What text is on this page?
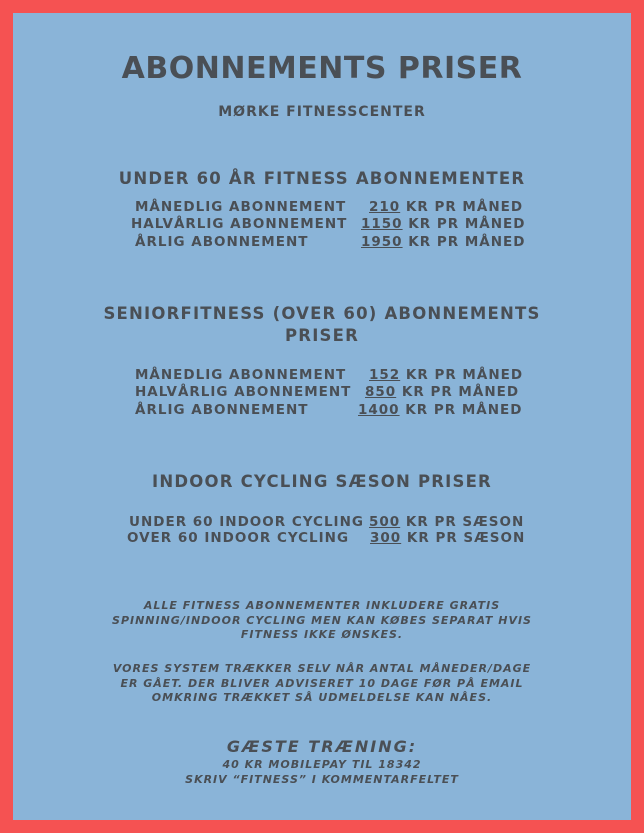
ABONNEMENTS PRISER
MØRKE FITNESSCENTER
UNDER 60 ÅR FITNESS ABONNEMENTER
MÅNEDLIG ABONNEMENT 210 KR PR MÅNED
HALVÅRLIG ABONNEMENT 1150 KR PR MÅNED
ÅRLIG ABONNEMENT	1950 KR PR MÅNED
SENIORFITNESS (OVER 60) ABONNEMENTS
PRISER
MÅNEDLIG ABONNEMENT 152 KR PR MÅNED
HALVÅRLIG ABONNEMENT 850 KR PR MÅNED
ÅRLIG ABONNEMENT	1400 KR PR MÅNED
INDOOR CYCLING SÆSON PRISER
UNDER 60 INDOOR CYCLING 500 KR PR SÆSON
OVER 60 INDOOR CYCLING 300 KR PR SÆSON
ALLE FITNESS ABONNEMENTER INKLUDERE GRATIS
SPINNING/INDOOR CYCLING MEN KAN KØBES SEPARAT HVIS
FITNESS IKKE ØNSKES.
VORES SYSTEM TRÆKKER SELV NÅR ANTAL MÅNEDER/DAGE
ER GÅET. DER BLIVER ADVISERET 10 DAGE FØR PÅ EMAIL
OMKRING TRÆKKET SÅ UDMELDELSE KAN NÅES.
GÆSTE TRÆNING:
40 KR MOBILEPAY TIL 18342
SKRIV “FITNESS” I KOMMENTARFELTET
